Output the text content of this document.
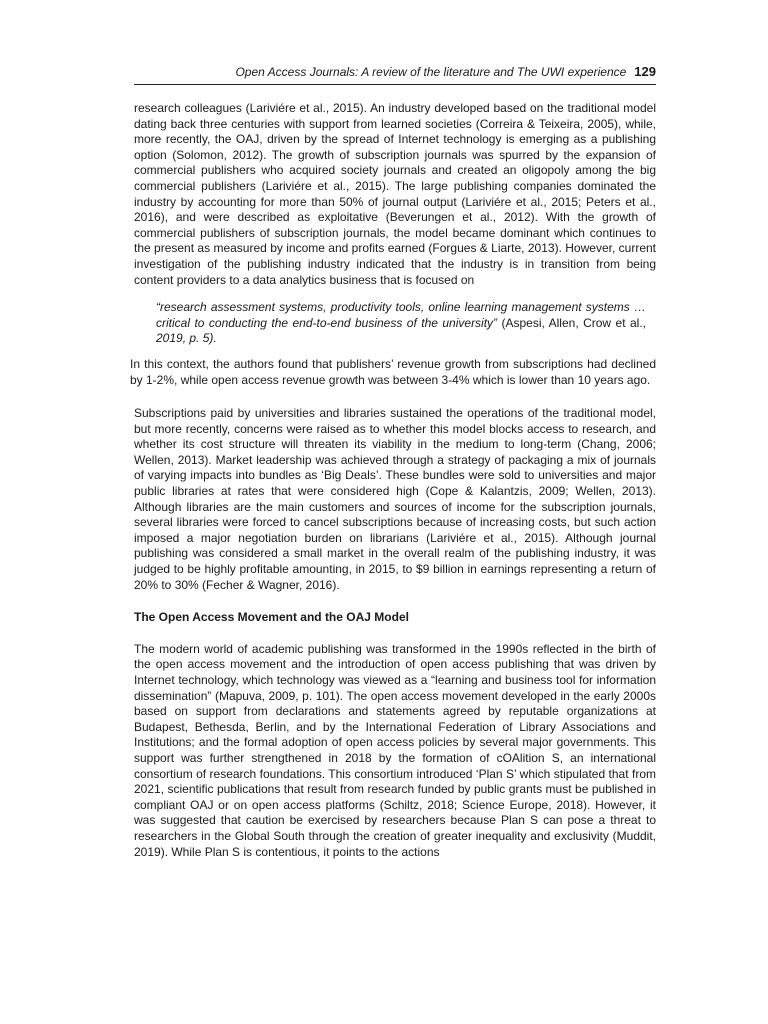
Open Access Journals: A review of the literature and The UWI experience 129

research colleagues (Lariviére et al., 2015). An industry developed based on the traditional model dating back three centuries with support from learned societies (Correira & Teixeira, 2005), while, more recently, the OAJ, driven by the spread of Internet technology is emerging as a publishing option (Solomon, 2012). The growth of subscription journals was spurred by the expansion of commercial publishers who acquired society journals and created an oligopoly among the big commercial publishers (Lariviére et al., 2015). The large publishing companies dominated the industry by accounting for more than 50% of journal output (Lariviére et al., 2015; Peters et al., 2016), and were described as exploitative (Beverungen et al., 2012). With the growth of commercial publishers of subscription journals, the model became dominant which continues to the present as measured by income and profits earned (Forgues & Liarte, 2013). However, current investigation of the publishing industry indicated that the industry is in transition from being content providers to a data analytics business that is focused on

“research assessment systems, productivity tools, online learning management systems … critical to conducting the end-to-end business of the university” (Aspesi, Allen, Crow et al., 2019, p. 5).

In this context, the authors found that publishers’ revenue growth from subscriptions had declined by 1-2%, while open access revenue growth was between 3-4% which is lower than 10 years ago.

Subscriptions paid by universities and libraries sustained the operations of the traditional model, but more recently, concerns were raised as to whether this model blocks access to research, and whether its cost structure will threaten its viability in the medium to long-term (Chang, 2006; Wellen, 2013). Market leadership was achieved through a strategy of packaging a mix of journals of varying impacts into bundles as ‘Big Deals’. These bundles were sold to universities and major public libraries at rates that were considered high (Cope & Kalantzis, 2009; Wellen, 2013). Although libraries are the main customers and sources of income for the subscription journals, several libraries were forced to cancel subscriptions because of increasing costs, but such action imposed a major negotiation burden on librarians (Lariviére et al., 2015). Although journal publishing was considered a small market in the overall realm of the publishing industry, it was judged to be highly profitable amounting, in 2015, to $9 billion in earnings representing a return of 20% to 30% (Fecher & Wagner, 2016).

The Open Access Movement and the OAJ Model

The modern world of academic publishing was transformed in the 1990s reflected in the birth of the open access movement and the introduction of open access publishing that was driven by Internet technology, which technology was viewed as a “learning and business tool for information dissemination” (Mapuva, 2009, p. 101). The open access movement developed in the early 2000s based on support from declarations and statements agreed by reputable organizations at Budapest, Bethesda, Berlin, and by the International Federation of Library Associations and Institutions; and the formal adoption of open access policies by several major governments. This support was further strengthened in 2018 by the formation of cOAlition S, an international consortium of research foundations. This consortium introduced ‘Plan S’ which stipulated that from 2021, scientific publications that result from research funded by public grants must be published in compliant OAJ or on open access platforms (Schiltz, 2018; Science Europe, 2018). However, it was suggested that caution be exercised by researchers because Plan S can pose a threat to researchers in the Global South through the creation of greater inequality and exclusivity (Muddit, 2019). While Plan S is contentious, it points to the actions
